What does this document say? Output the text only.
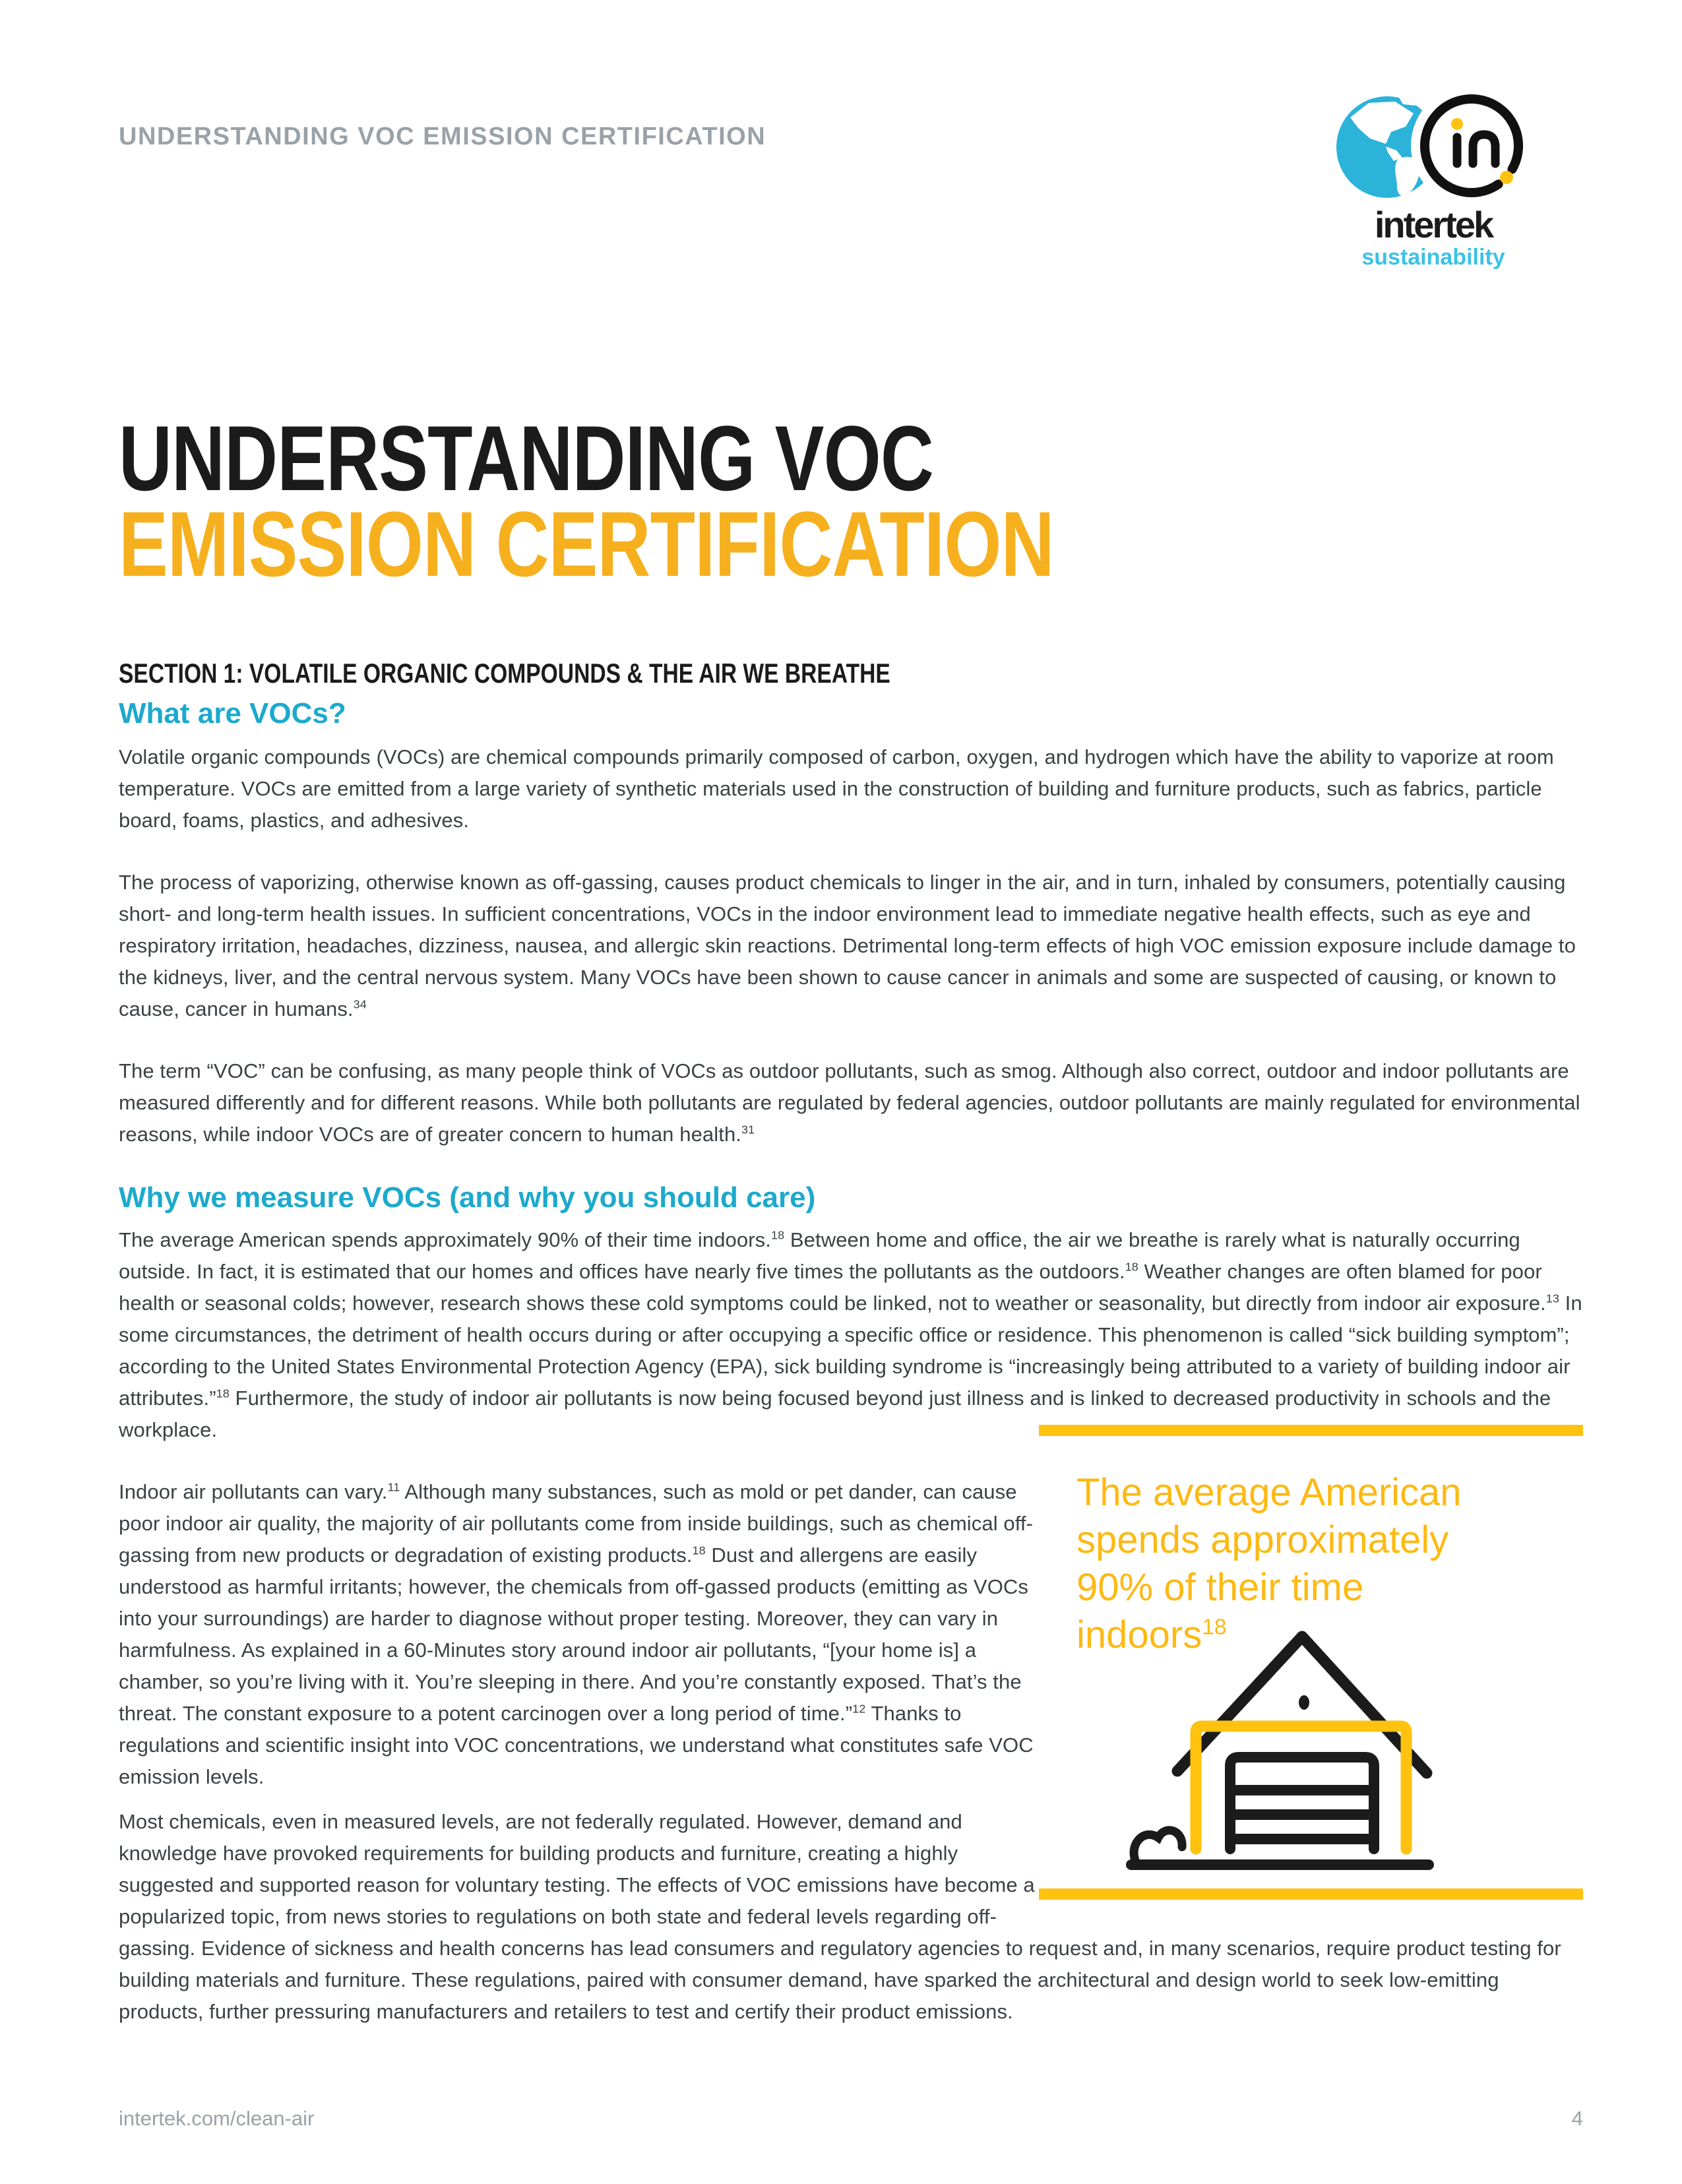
UNDERSTANDING VOC EMISSION CERTIFICATION
intertek
sustainability
UNDERSTANDING VOC
EMISSION CERTIFICATION
SECTION 1: VOLATILE ORGANIC COMPOUNDS & THE AIR WE BREATHE
What are VOCs?

Volatile organic compounds (VOCs) are chemical compounds primarily composed of carbon, oxygen, and hydrogen which have the ability to vaporize at room temperature. VOCs are emitted from a large variety of synthetic materials used in the construction of building and furniture products, such as fabrics, particle board, foams, plastics, and adhesives.

The process of vaporizing, otherwise known as off-gassing, causes product chemicals to linger in the air, and in turn, inhaled by consumers, potentially causing short- and long-term health issues. In sufficient concentrations, VOCs in the indoor environment lead to immediate negative health effects, such as eye and respiratory irritation, headaches, dizziness, nausea, and allergic skin reactions. Detrimental long-term effects of high VOC emission exposure include damage to the kidneys, liver, and the central nervous system. Many VOCs have been shown to cause cancer in animals and some are suspected of causing, or known to cause, cancer in humans.$^{34}$

The term “VOC” can be confusing, as many people think of VOCs as outdoor pollutants, such as smog. Although also correct, outdoor and indoor pollutants are measured differently and for different reasons. While both pollutants are regulated by federal agencies, outdoor pollutants are mainly regulated for environmental reasons, while indoor VOCs are of greater concern to human health.$^{31}$

Why we measure VOCs (and why you should care)

The average American spends approximately 90% of their time indoors.$^{18}$ Between home and office, the air we breathe is rarely what is naturally occurring outside. In fact, it is estimated that our homes and offices have nearly five times the pollutants as the outdoors.$^{18}$ Weather changes are often blamed for poor health or seasonal colds; however, research shows these cold symptoms could be linked, not to weather or seasonality, but directly from indoor air exposure.$^{13}$ In some circumstances, the detriment of health occurs during or after occupying a specific office or residence. This phenomenon is called “sick building symptom”; according to the United States Environmental Protection Agency (EPA), sick building syndrome is “increasingly being attributed to a variety of building indoor air attributes.”$^{18}$ Furthermore, the study of indoor air pollutants is now being focused beyond just illness and is linked to decreased productivity in schools and the workplace.

The average American spends approximately 90% of their time indoors$^{18}$

Indoor air pollutants can vary.$^{11}$ Although many substances, such as mold or pet dander, can cause poor indoor air quality, the majority of air pollutants come from inside buildings, such as chemical off-gassing from new products or degradation of existing products.$^{18}$ Dust and allergens are easily understood as harmful irritants; however, the chemicals from off-gassed products (emitting as VOCs into your surroundings) are harder to diagnose without proper testing. Moreover, they can vary in harmfulness. As explained in a 60-Minutes story around indoor air pollutants, “[your home is] a chamber, so you’re living with it. You’re sleeping in there. And you’re constantly exposed. That’s the threat. The constant exposure to a potent carcinogen over a long period of time.”$^{12}$ Thanks to regulations and scientific insight into VOC concentrations, we understand what constitutes safe VOC emission levels.

Most chemicals, even in measured levels, are not federally regulated. However, demand and knowledge have provoked requirements for building products and furniture, creating a highly suggested and supported reason for voluntary testing. The effects of VOC emissions have become a popularized topic, from news stories to regulations on both state and federal levels regarding off-gassing. Evidence of sickness and health concerns has lead consumers and regulatory agencies to request and, in many scenarios, require product testing for building materials and furniture. These regulations, paired with consumer demand, have sparked the architectural and design world to seek low-emitting products, further pressuring manufacturers and retailers to test and certify their product emissions.

intertek.com/clean-air	4
